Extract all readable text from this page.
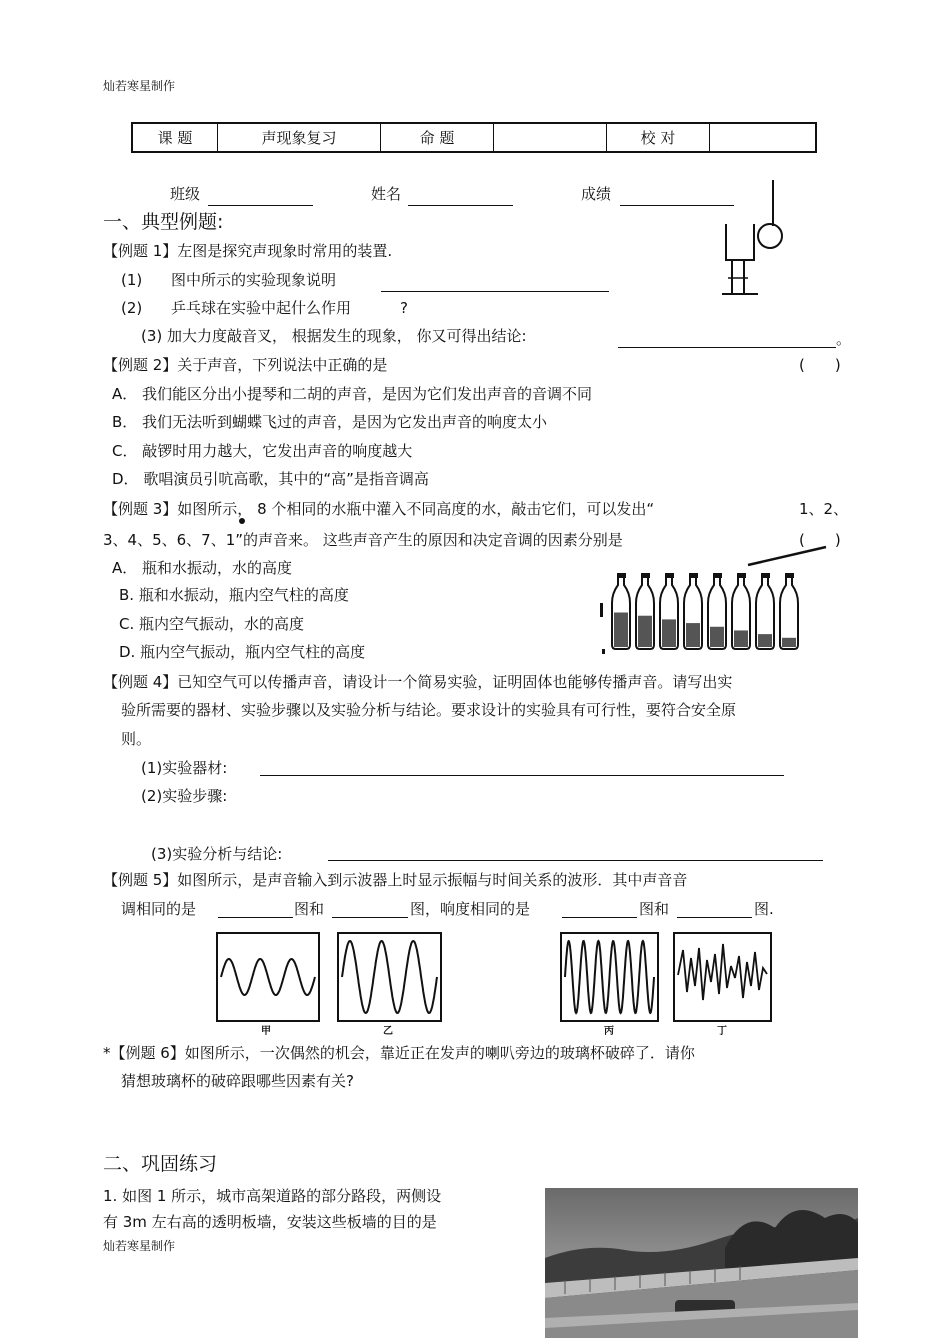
灿若寒星制作
课 题	声现象复习	命 题		校 对	
班级	姓名	成绩
一、典型例题:
【例题 1】左图是探究声现象时常用的装置.
(1) 图中所示的实验现象说明
(2) 乒乓球在实验中起什么作用	?
(3) 加大力度敲音叉， 根据发生的现象， 你又可得出结论:	。
【例题 2】关于声音，下列说法中正确的是	(　　)
A． 我们能区分出小提琴和二胡的声音，是因为它们发出声音的音调不同
B． 我们无法听到蝴蝶飞过的声音，是因为它发出声音的响度太小
C． 敲锣时用力越大，它发出声音的响度越大
D． 歌唱演员引吭高歌，其中的“高”是指音调高
【例题 3】如图所示， 8 个相同的水瓶中灌入不同高度的水，敲击它们，可以发出“	1、2、
3、4、5、6、7、1”的声音来。 这些声音产生的原因和决定音调的因素分别是	(　　)
A． 瓶和水振动，水的高度
B. 瓶和水振动，瓶内空气柱的高度
C. 瓶内空气振动，水的高度
D. 瓶内空气振动，瓶内空气柱的高度
【例题 4】已知空气可以传播声音，请设计一个简易实验，证明固体也能够传播声音。请写出实
验所需要的器材、实验步骤以及实验分析与结论。要求设计的实验具有可行性，要符合安全原
则。
(1)实验器材:
(2)实验步骤:
(3)实验分析与结论:
【例题 5】如图所示，是声音输入到示波器上时显示振幅与时间关系的波形．其中声音音
调相同的是	图和	图，响度相同的是	图和	图.
甲	乙	丙	丁
*【例题 6】如图所示，一次偶然的机会，靠近正在发声的喇叭旁边的玻璃杯破碎了．请你
猜想玻璃杯的破碎跟哪些因素有关?
二、巩固练习
1. 如图 1 所示，城市高架道路的部分路段，两侧设
有 3m 左右高的透明板墙，安装这些板墙的目的是
灿若寒星制作
